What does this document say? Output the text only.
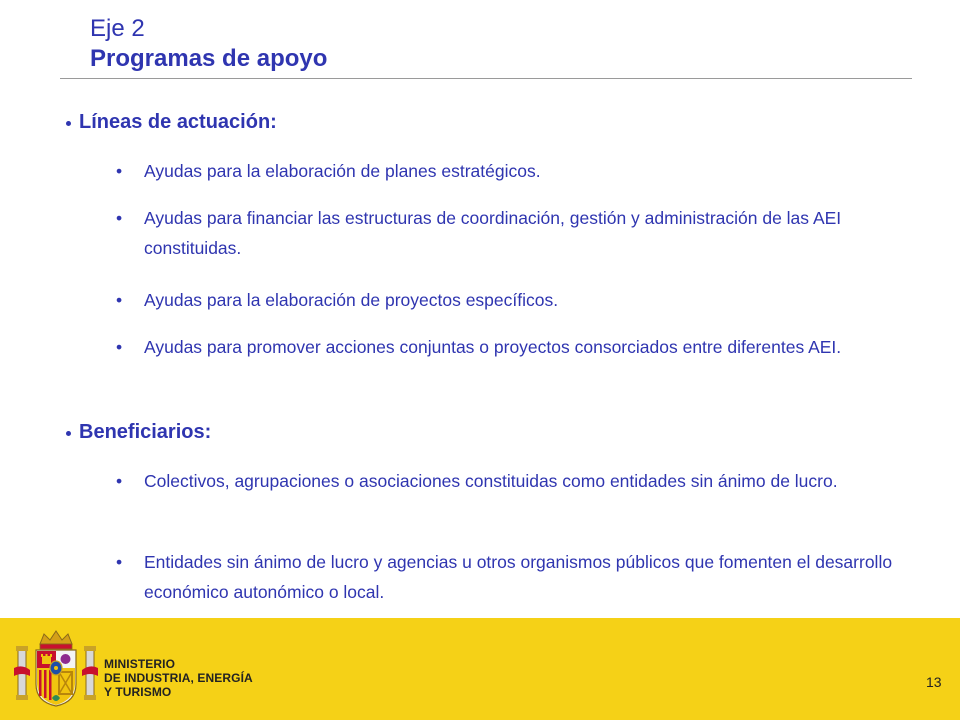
Eje 2
Programas de apoyo
Líneas de actuación:
•	Ayudas para la elaboración de planes estratégicos.
•	Ayudas para financiar las estructuras de coordinación, gestión y administración de las AEI constituidas.
•	Ayudas para la elaboración de proyectos específicos.
•	Ayudas para promover acciones conjuntas o proyectos consorciados entre diferentes AEI.
Beneficiarios:
•	Colectivos, agrupaciones o asociaciones constituidas como entidades sin ánimo de lucro.
•	Entidades sin ánimo de lucro y agencias u otros organismos públicos que fomenten el desarrollo económico autonómico o local.
MINISTERIO
DE INDUSTRIA, ENERGÍA
Y TURISMO
13
